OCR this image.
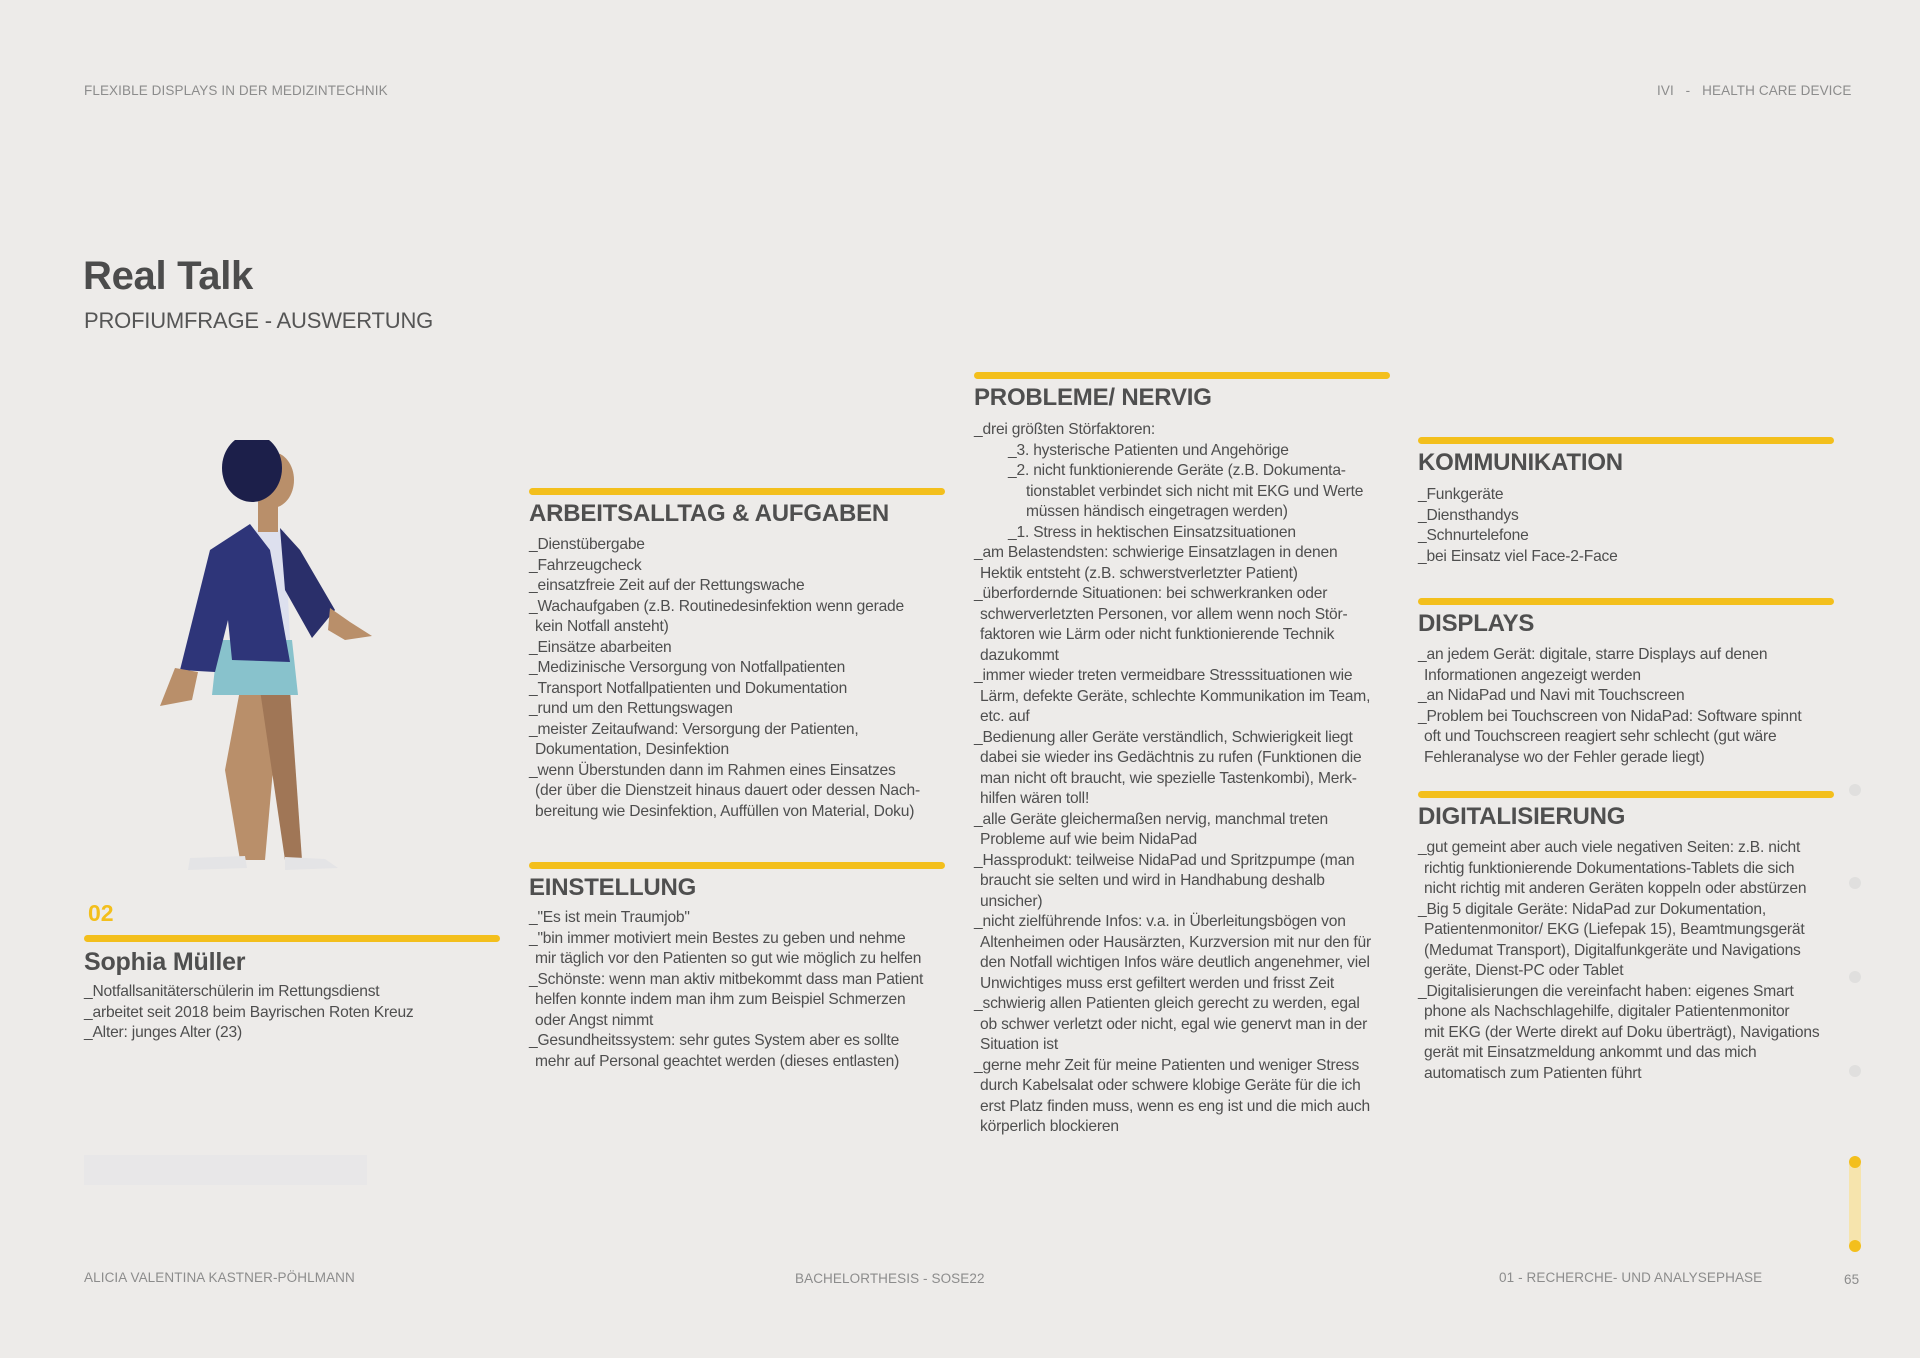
FLEXIBLE DISPLAYS IN DER MEDIZINTECHNIK	IVI - HEALTH CARE DEVICE
Real Talk
PROFIUMFRAGE - AUSWERTUNG
02
Sophia Müller
_Notfallsanitäterschülerin im Rettungsdienst
_arbeitet seit 2018 beim Bayrischen Roten Kreuz
_Alter: junges Alter (23)
ARBEITSALLTAG & AUFGABEN
_Dienstübergabe
_Fahrzeugcheck
_einsatzfreie Zeit auf der Rettungswache
_Wachaufgaben (z.B. Routinedesinfektion wenn gerade
kein Notfall ansteht)
_Einsätze abarbeiten
_Medizinische Versorgung von Notfallpatienten
_Transport Notfallpatienten und Dokumentation
_rund um den Rettungswagen
_meister Zeitaufwand: Versorgung der Patienten,
Dokumentation, Desinfektion
_wenn Überstunden dann im Rahmen eines Einsatzes
(der über die Dienstzeit hinaus dauert oder dessen Nach-
bereitung wie Desinfektion, Auffüllen von Material, Doku)
EINSTELLUNG
_"Es ist mein Traumjob"
_"bin immer motiviert mein Bestes zu geben und nehme
mir täglich vor den Patienten so gut wie möglich zu helfen
_Schönste: wenn man aktiv mitbekommt dass man Patient
helfen konnte indem man ihm zum Beispiel Schmerzen
oder Angst nimmt
_Gesundheitssystem: sehr gutes System aber es sollte
mehr auf Personal geachtet werden (dieses entlasten)
PROBLEME/ NERVIG
_drei größten Störfaktoren:
_3. hysterische Patienten und Angehörige
_2. nicht funktionierende Geräte (z.B. Dokumenta-
tionstablet verbindet sich nicht mit EKG und Werte
müssen händisch eingetragen werden)
_1. Stress in hektischen Einsatzsituationen
_am Belastendsten: schwierige Einsatzlagen in denen
Hektik entsteht (z.B. schwerstverletzter Patient)
_überfordernde Situationen: bei schwerkranken oder
schwerverletzten Personen, vor allem wenn noch Stör-
faktoren wie Lärm oder nicht funktionierende Technik
dazukommt
_immer wieder treten vermeidbare Stresssituationen wie
Lärm, defekte Geräte, schlechte Kommunikation im Team,
etc. auf
_Bedienung aller Geräte verständlich, Schwierigkeit liegt
dabei sie wieder ins Gedächtnis zu rufen (Funktionen die
man nicht oft braucht, wie spezielle Tastenkombi), Merk-
hilfen wären toll!
_alle Geräte gleichermaßen nervig, manchmal treten
Probleme auf wie beim NidaPad
_Hassprodukt: teilweise NidaPad und Spritzpumpe (man
braucht sie selten und wird in Handhabung deshalb
unsicher)
_nicht zielführende Infos: v.a. in Überleitungsbögen von
Altenheimen oder Hausärzten, Kurzversion mit nur den für
den Notfall wichtigen Infos wäre deutlich angenehmer, viel
Unwichtiges muss erst gefiltert werden und frisst Zeit
_schwierig allen Patienten gleich gerecht zu werden, egal
ob schwer verletzt oder nicht, egal wie genervt man in der
Situation ist
_gerne mehr Zeit für meine Patienten und weniger Stress
durch Kabelsalat oder schwere klobige Geräte für die ich
erst Platz finden muss, wenn es eng ist und die mich auch
körperlich blockieren
KOMMUNIKATION
_Funkgeräte
_Diensthandys
_Schnurtelefone
_bei Einsatz viel Face-2-Face
DISPLAYS
_an jedem Gerät: digitale, starre Displays auf denen
Informationen angezeigt werden
_an NidaPad und Navi mit Touchscreen
_Problem bei Touchscreen von NidaPad: Software spinnt
oft und Touchscreen reagiert sehr schlecht (gut wäre
Fehleranalyse wo der Fehler gerade liegt)
DIGITALISIERUNG
_gut gemeint aber auch viele negativen Seiten: z.B. nicht
richtig funktionierende Dokumentations-Tablets die sich
nicht richtig mit anderen Geräten koppeln oder abstürzen
_Big 5 digitale Geräte: NidaPad zur Dokumentation,
Patientenmonitor/ EKG (Liefepak 15), Beamtmungsgerät
(Medumat Transport), Digitalfunkgeräte und Navigations
geräte, Dienst-PC oder Tablet
_Digitalisierungen die vereinfacht haben: eigenes Smart
phone als Nachschlagehilfe, digitaler Patientenmonitor
mit EKG (der Werte direkt auf Doku überträgt), Navigations
gerät mit Einsatzmeldung ankommt und das mich
automatisch zum Patienten führt
ALICIA VALENTINA KASTNER-PÖHLMANN	BACHELORTHESIS - SOSE22	01 - RECHERCHE- UND ANALYSEPHASE	65
